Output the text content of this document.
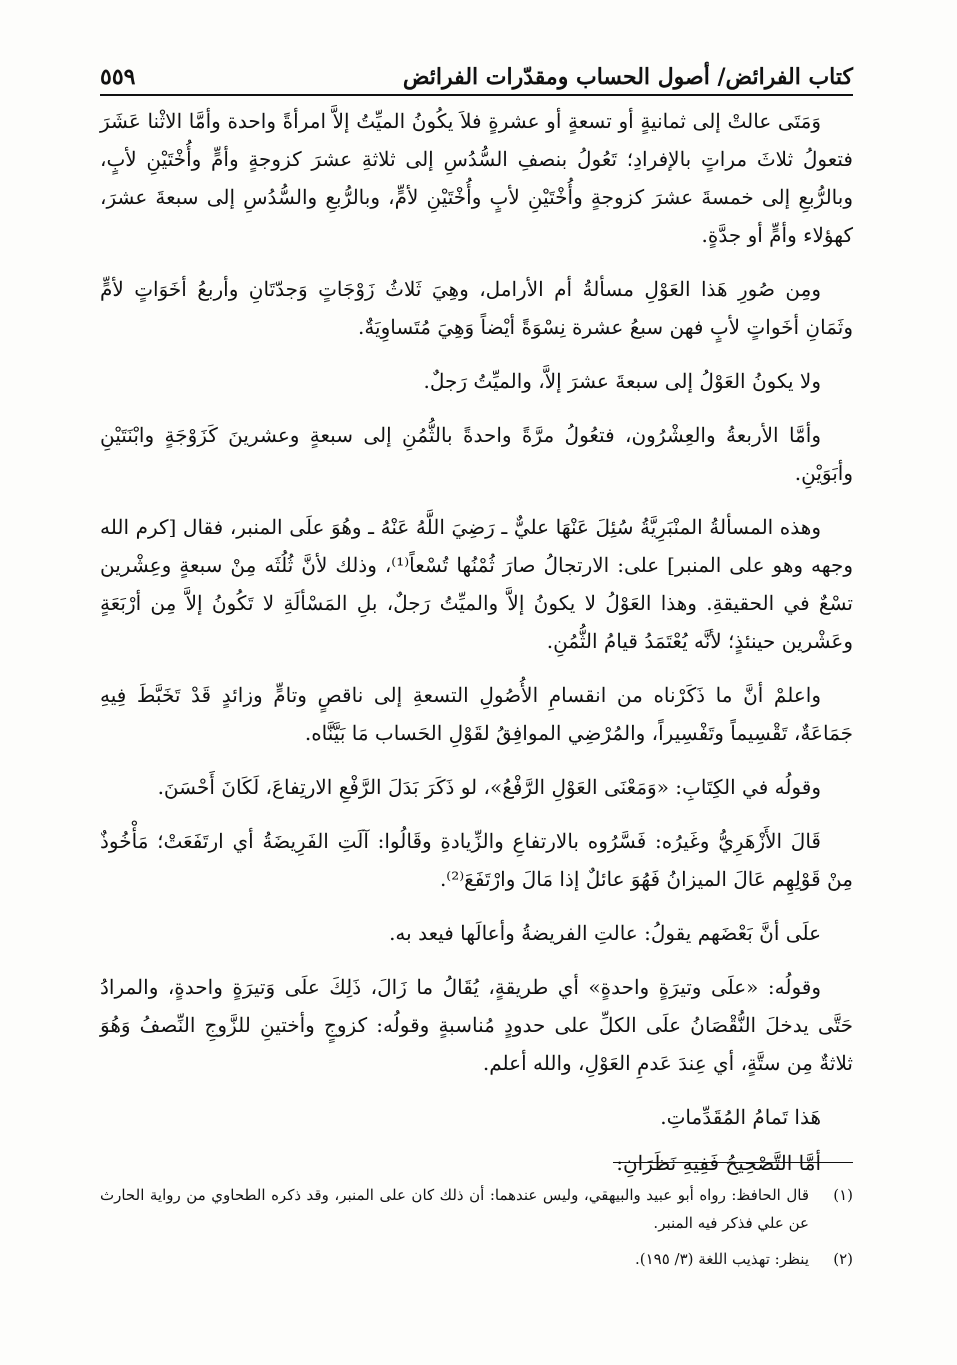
كتاب الفرائض/ أصول الحساب ومقدّرات الفرائض
٥٥٩

وَمَتَى عالتْ إلى ثمانيةٍ أو تسعةٍ أو عشرةٍ فلاَ يكُونُ الميِّتُ إلاَّ امرأةً واحدة وأمَّا الاثْنا عَشَرَ فتعولُ ثلاثَ مراتٍ بالإفرادِ؛ تَعُولُ بنصفِ السُّدُسِ إلى ثلاثةِ عشرَ كزوجةٍ وأمٍّ وأُخْتَيْنِ لأبٍ، وبالرُّبعِ إلى خمسةَ عشرَ كزوجةٍ وأُخْتَيْنِ لأبٍ وأُخْتَيْنِ لأمٍّ، وبالرُّبعِ والسُّدُسِ إلى سبعةَ عشرَ، كهؤلاء وأمٍّ أو جدَّةٍ.

ومِن صُورِ هَذا العَوْلِ مسألةُ أم الأرامل، وهِيَ ثَلاثُ زَوْجَاتٍ وَجدّتَانِ وأربعُ أخَوَاتٍ لأمٍّ وثَمَانِ أخَواتٍ لأبٍ فهن سبعُ عشرة نِسْوَةً أيْضاً وَهِيَ مُتَساوِيَةٌ.

ولا يكونُ العَوْلُ إلى سبعةَ عشرَ إلاَّ، والميِّتُ رَجلٌ.

وأمَّا الأربعةُ والعِشْرُون، فتعُولُ مرَّةً واحدةً بالثُّمُنِ إلى سبعةٍ وعشرينَ كَزَوْجَةٍ وابْنَتَيْنِ وأبَوَيْنِ.

وهذه المسألةُ المنْبَرِيَّةُ سُئِلَ عَنْهَا عليٌّ ـ رَضِيَ اللَّهُ عَنْهُ ـ وهُوَ علَى المنبر، فقال [كرم الله وجهه وهو على المنبر] على: الارتجالُ صارَ ثُمْنُها تُسْعاً⁽¹⁾، وذلك لأنَّ ثُلُثَه مِنْ سبعةٍ وعِشْرين تسْعٌ في الحقيقةِ. وهذا العَوْلُ لا يكونُ إلاَّ والميِّتُ رَجلٌ، بلِ المَسْألَةِ لا تَكُونُ إلاَّ مِن أرْبَعَةٍ وعَشْرين حينئذٍ؛ لأنَّه يُعْتَمَدُ قيامُ الثُّمُنِ.

واعلمْ أنَّ ما ذَكَرْناه من انقسامِ الأُصُولِ التسعةِ إلى ناقصٍ وتامٍّ وزائدٍ قَدْ تَخَبَّطَ فِيهِ جَمَاعَةٌ، تَقْسِيماً وتَفْسِيراً، والمُرْضِي الموافِقُ لقَوْلِ الحَساب مَا بَيَّنَّاه.

وقولُه في الكِتَابِ: «وَمَعْنَى العَوْلِ الرَّفْعُ»، لو ذَكَرَ بَدَلَ الرَّفْعِ الارتِفاعَ، لَكَانَ أَحْسَنَ.

قَالَ الأَزْهَرِيُّ وغَيرُه: فَسَّرُوه بالارتفاعِ والزِّيادةِ وقَالُوا: آلَتِ الفَرِيضَةُ أي ارتَفَعَتْ؛ مَأْخُوذٌ مِنْ قَوْلِهِم عَالَ الميزانُ فَهُوَ عائلٌ إذا مَالَ وارْتَفَعَ⁽²⁾.

علَى أنَّ بَعْضَهم يقولُ: عالتِ الفريضةُ وأعالَها فيعد به.

وقولُه: «علَى وتيرَةٍ واحدةٍ» أي طريقةٍ، يُقَالُ ما زَالَ، ذَلِكَ علَى وَتيرَةٍ واحدةٍ، والمرادُ حَتَّى يدخلَ النُّقْصَانُ علَى الكلِّ على حدودٍ مُناسبةٍ وقولُه: كزوجٍ وأختينِ للزَّوجِ النِّصفُ وَهُوَ ثلاثةٌ مِن ستَّةٍ، أي عِندَ عَدمِ العَوْلِ، والله أعلم.

هَذا تَمامُ المُقَدِّماتِ.

أمَّا التَّصْحِيحُ فَفِيهِ نَظَرَانِ:

(١)
قال الحافظ: رواه أبو عبيد والبيهقي، وليس عندهما: أن ذلك كان على المنبر، وقد ذكره الطحاوي من رواية الحارث عن علي فذكر فيه المنبر.
(٢)
ينظر: تهذيب اللغة (٣/ ١٩٥).
